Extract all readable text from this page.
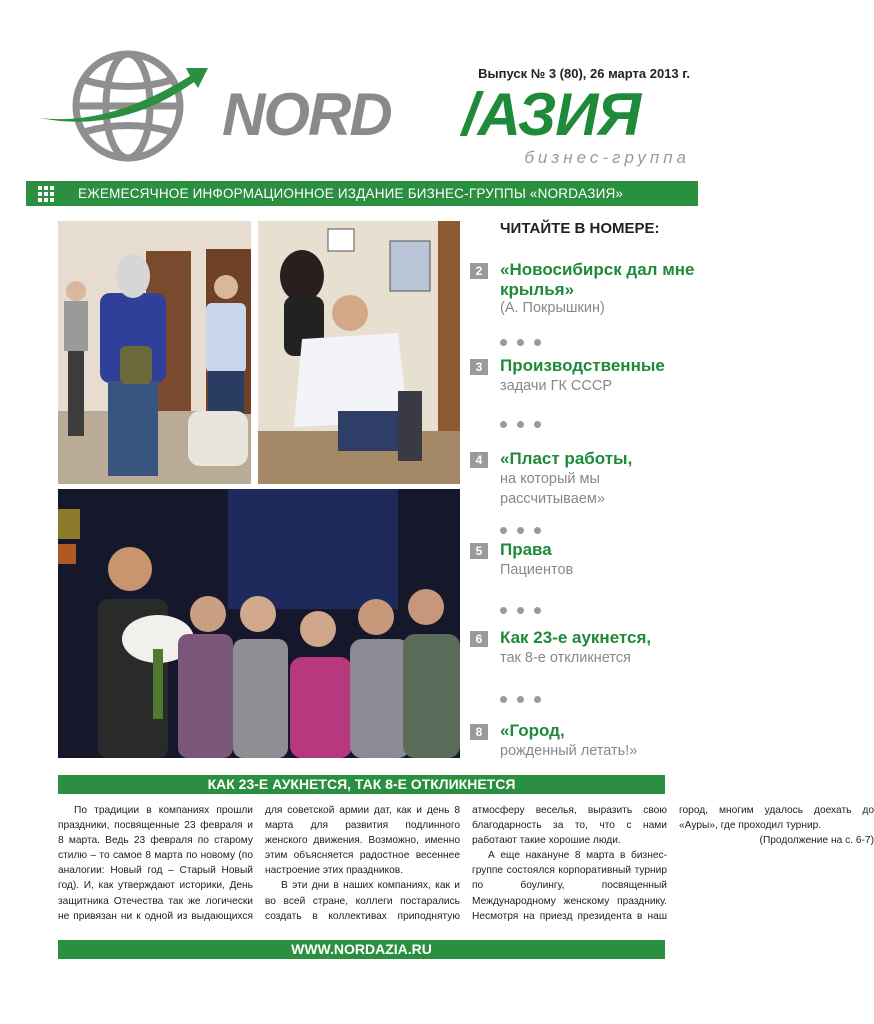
Выпуск № 3 (80), 26 марта 2013 г.
NORD /АЗИЯ
бизнес-группа
ЕЖЕМЕСЯЧНОЕ ИНФОРМАЦИОННОЕ ИЗДАНИЕ БИЗНЕС-ГРУППЫ «NORDАЗИЯ»
ЧИТАЙТЕ В НОМЕРЕ:
2	«Новосибирск дал мне крылья»
(А. Покрышкин)
3	Производственные
задачи ГК СССР
4	«Пласт работы,
на который мы рассчитываем»
5	Права
Пациентов
6	Как 23-е аукнется,
так 8-е откликнется
8	«Город,
рожденный летать!»
КАК 23-Е АУКНЕТСЯ, ТАК 8-Е ОТКЛИКНЕТСЯ

По традиции в компаниях прошли праздники, посвященные 23 февраля и 8 марта. Ведь 23 февраля по старому стилю – то самое 8 марта по новому (по аналогии: Новый год – Старый Новый год). И, как утверждают историки, День защитника Отечества так же логически не привязан ни к одной из выдающихся для советской армии дат, как и день 8 марта для развития подлинного женского движения. Возможно, именно этим объясняется радостное весеннее настроение этих праздников.

В эти дни в наших компаниях, как и во всей стране, коллеги постарались создать в коллективах приподнятую атмосферу веселья, выразить свою благодарность за то, что с нами работают такие хорошие люди.

А еще накануне 8 марта в бизнес-группе состоялся корпоративный турнир по боулингу, посвященный Международному женскому празднику. Несмотря на приезд президента в наш город, многим удалось доехать до «Ауры», где проходил турнир.

(Продолжение на с. 6-7)
WWW.NORDAZIA.RU
